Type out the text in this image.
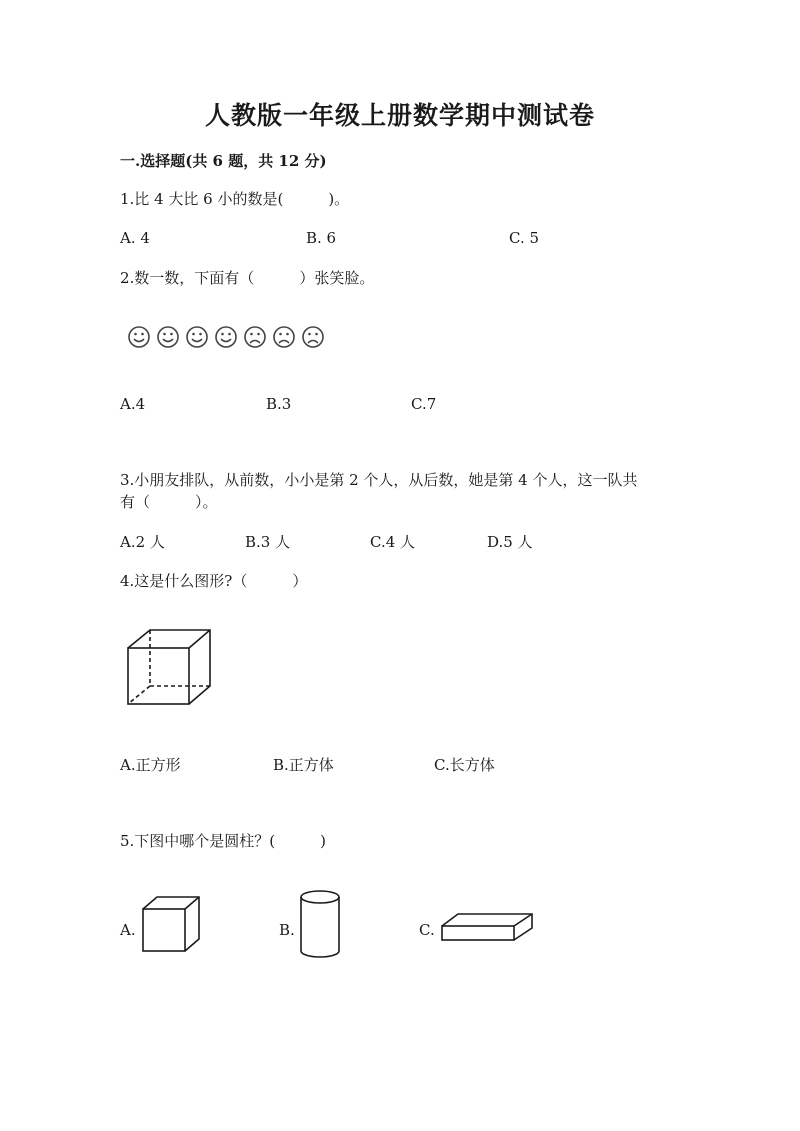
人教版一年级上册数学期中测试卷
一.选择题(共 6 题，共 12 分)
1.比 4 大比 6 小的数是(　　　)。
A. 4	B. 6	C. 5
2.数一数，下面有（　　　）张笑脸。
A.4	B.3	C.7
3.小朋友排队，从前数，小小是第 2 个人，从后数，她是第 4 个人，这一队共
有（　　　）。
A.2 人	B.3 人	C.4 人	D.5 人
4.这是什么图形?（　　　）
A.正方形	B.正方体	C.长方体
5.下图中哪个是圆柱？(　　　)
A.	B.	C.
